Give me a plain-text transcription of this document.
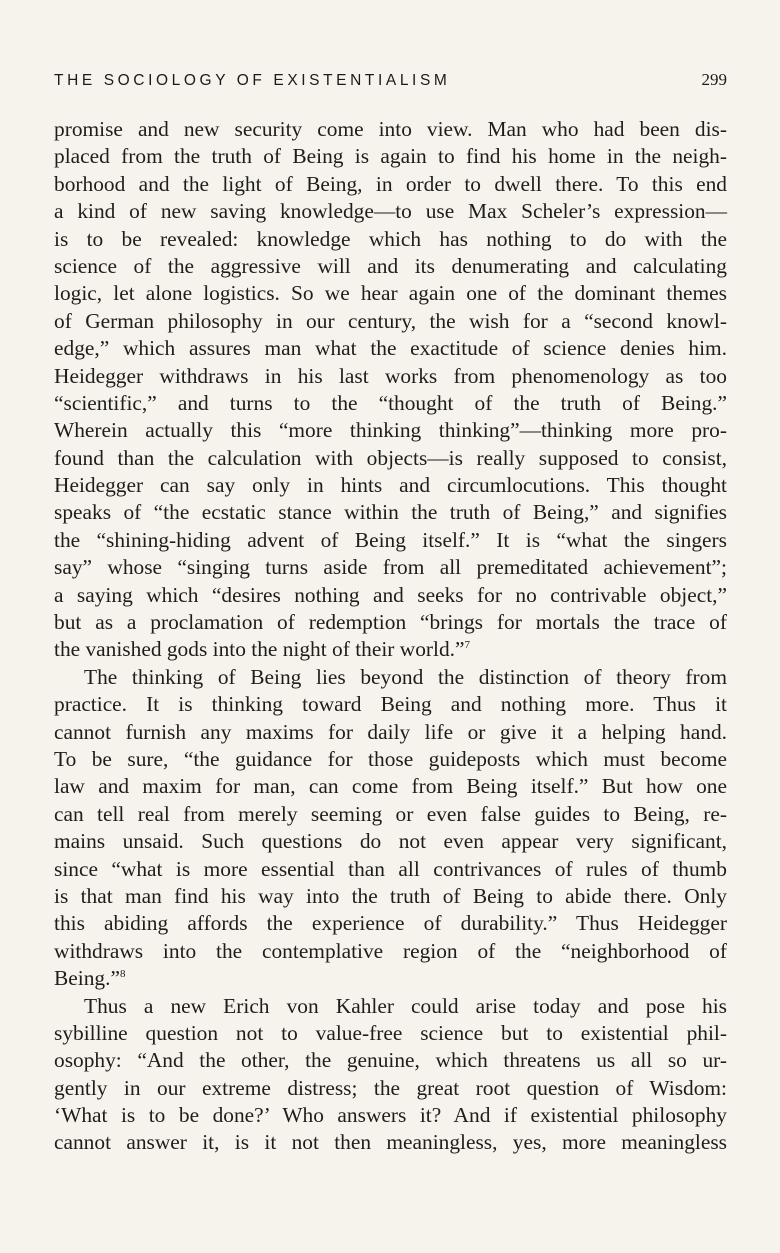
THE SOCIOLOGY OF EXISTENTIALISM	299
promise and new security come into view. Man who had been dis-
placed from the truth of Being is again to find his home in the neigh-
borhood and the light of Being, in order to dwell there. To this end
a kind of new saving knowledge—to use Max Scheler’s expression—
is to be revealed: knowledge which has nothing to do with the
science of the aggressive will and its denumerating and calculating
logic, let alone logistics. So we hear again one of the dominant themes
of German philosophy in our century, the wish for a “second knowl-
edge,” which assures man what the exactitude of science denies him.
Heidegger withdraws in his last works from phenomenology as too
“scientific,” and turns to the “thought of the truth of Being.”
Wherein actually this “more thinking thinking”—thinking more pro-
found than the calculation with objects—is really supposed to consist,
Heidegger can say only in hints and circumlocutions. This thought
speaks of “the ecstatic stance within the truth of Being,” and signifies
the “shining-hiding advent of Being itself.” It is “what the singers
say” whose “singing turns aside from all premeditated achievement”;
a saying which “desires nothing and seeks for no contrivable object,”
but as a proclamation of redemption “brings for mortals the trace of
the vanished gods into the night of their world.”$^7$
The thinking of Being lies beyond the distinction of theory from
practice. It is thinking toward Being and nothing more. Thus it
cannot furnish any maxims for daily life or give it a helping hand.
To be sure, “the guidance for those guideposts which must become
law and maxim for man, can come from Being itself.” But how one
can tell real from merely seeming or even false guides to Being, re-
mains unsaid. Such questions do not even appear very significant,
since “what is more essential than all contrivances of rules of thumb
is that man find his way into the truth of Being to abide there. Only
this abiding affords the experience of durability.” Thus Heidegger
withdraws into the contemplative region of the “neighborhood of
Being.”$^8$
Thus a new Erich von Kahler could arise today and pose his
sybilline question not to value-free science but to existential phil-
osophy: “And the other, the genuine, which threatens us all so ur-
gently in our extreme distress; the great root question of Wisdom:
‘What is to be done?’ Who answers it? And if existential philosophy
cannot answer it, is it not then meaningless, yes, more meaningless
